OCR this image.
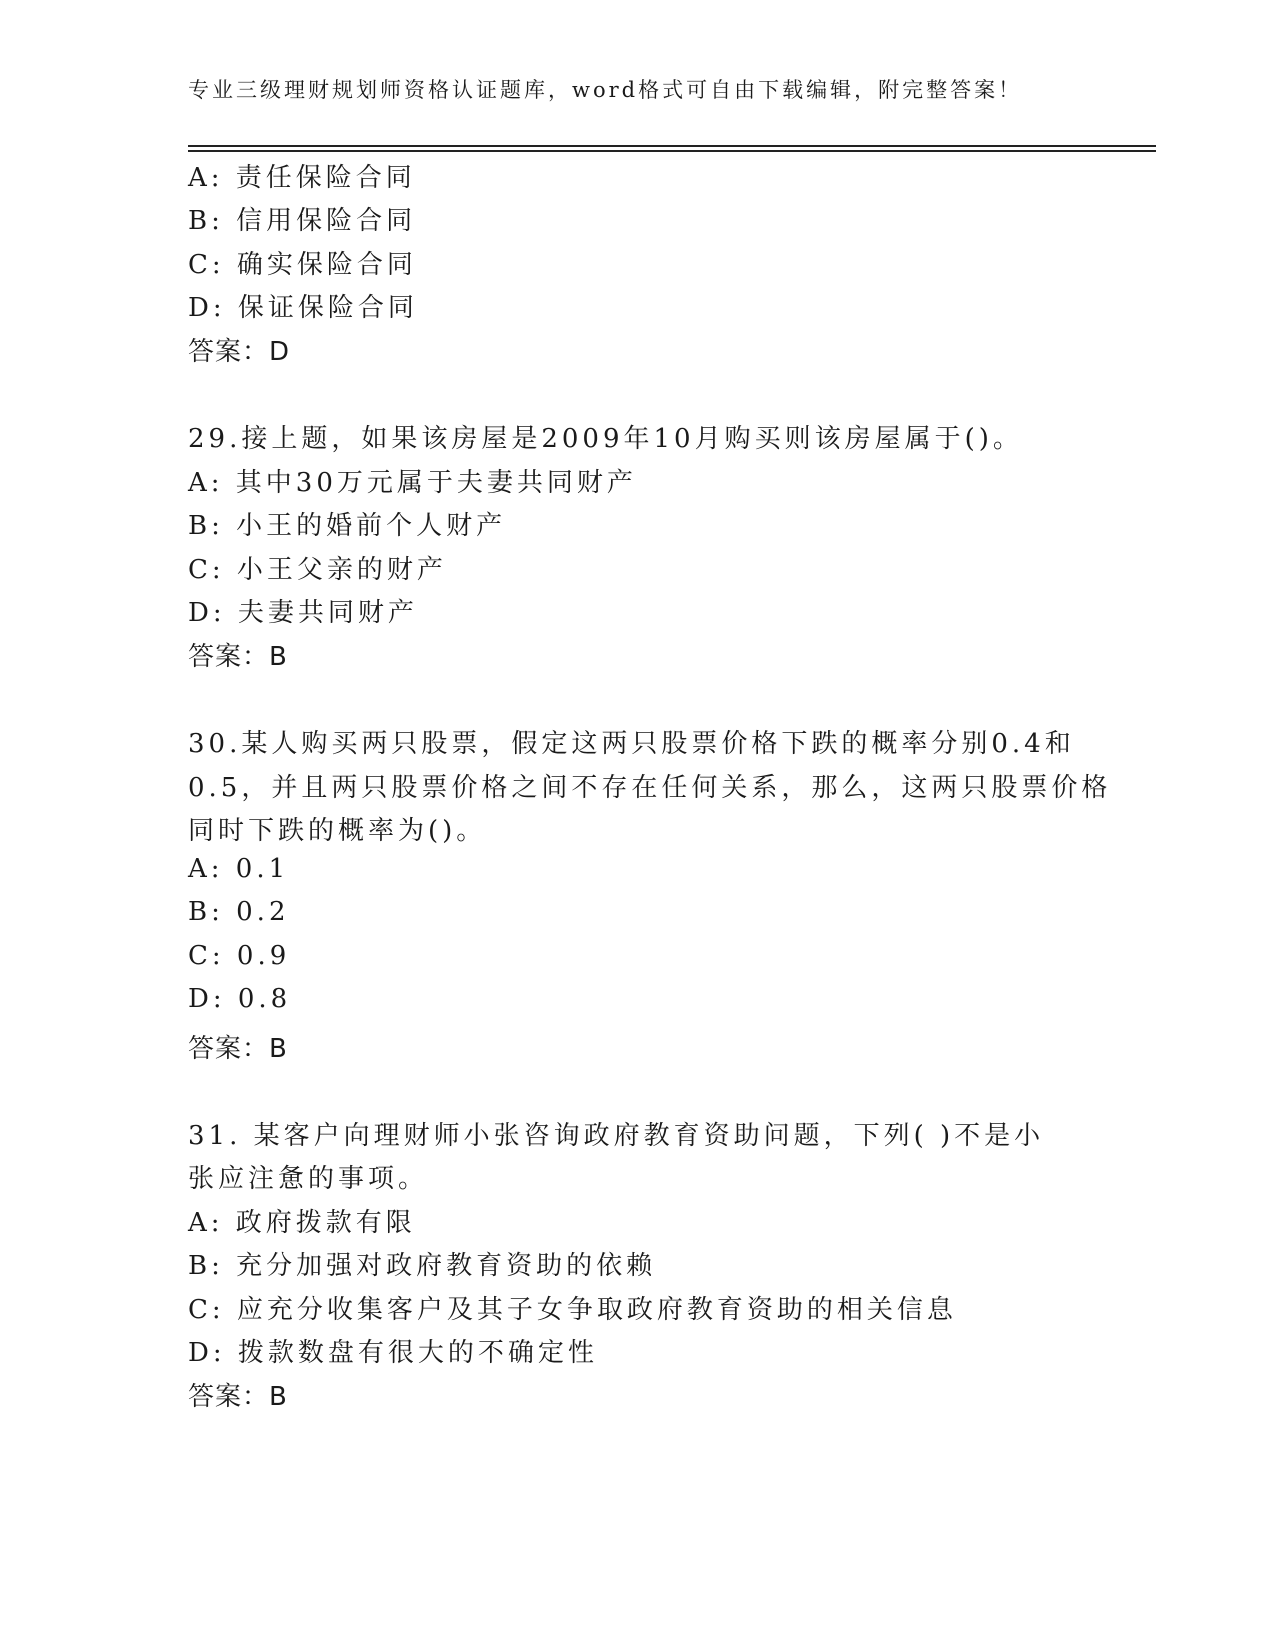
专业三级理财规划师资格认证题库，word格式可自由下载编辑，附完整答案！
A: 责任保险合同
B: 信用保险合同
C: 确实保险合同
D: 保证保险合同
答案：D
29.接上题，如果该房屋是2009年10月购买则该房屋属于()。
A: 其中30万元属于夫妻共同财产
B: 小王的婚前个人财产
C: 小王父亲的财产
D: 夫妻共同财产
答案：B
30.某人购买两只股票，假定这两只股票价格下跌的概率分别0.4和
0.5，并且两只股票价格之间不存在任何关系，那么，这两只股票价格
同时下跌的概率为()。
A: 0.1
B: 0.2
C: 0.9
D: 0.8
答案：B
31. 某客户向理财师小张咨询政府教育资助问题，下列( )不是小
张应注惫的事项。
A: 政府拨款有限
B: 充分加强对政府教育资助的依赖
C: 应充分收集客户及其子女争取政府教育资助的相关信息
D: 拨款数盘有很大的不确定性
答案：B
